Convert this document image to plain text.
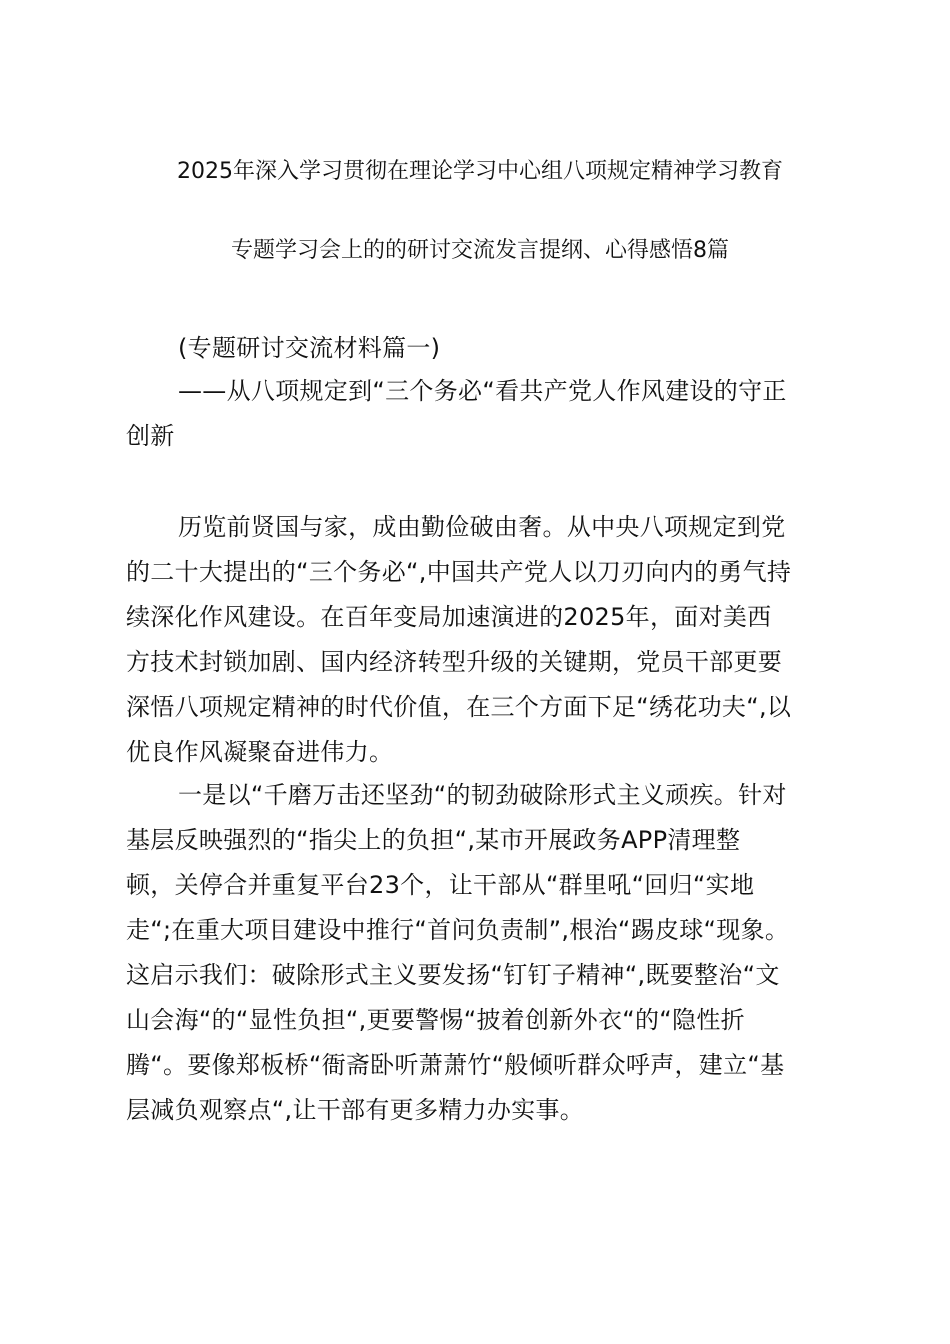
2025年深入学习贯彻在理论学习中心组八项规定精神学习教育
专题学习会上的的研讨交流发言提纲、心得感悟8篇
(专题研讨交流材料篇一)
——从八项规定到“三个务必“看共产党人作风建设的守正
创新
历览前贤国与家，成由勤俭破由奢。从中央八项规定到党
的二十大提出的“三个务必“,中国共产党人以刀刃向内的勇气持
续深化作风建设。在百年变局加速演进的2025年，面对美西
方技术封锁加剧、国内经济转型升级的关键期，党员干部更要
深悟八项规定精神的时代价值，在三个方面下足“绣花功夫“,以
优良作风凝聚奋进伟力。
一是以“千磨万击还坚劲“的韧劲破除形式主义顽疾。针对
基层反映强烈的“指尖上的负担“,某市开展政务APP清理整
顿，关停合并重复平台23个，让干部从“群里吼“回归“实地
走“;在重大项目建设中推行“首问负责制”,根治“踢皮球“现象。
这启示我们：破除形式主义要发扬“钉钉子精神“,既要整治“文
山会海“的“显性负担“,更要警惕“披着创新外衣“的“隐性折
腾“。要像郑板桥“衙斋卧听萧萧竹“般倾听群众呼声，建立“基
层减负观察点“,让干部有更多精力办实事。
